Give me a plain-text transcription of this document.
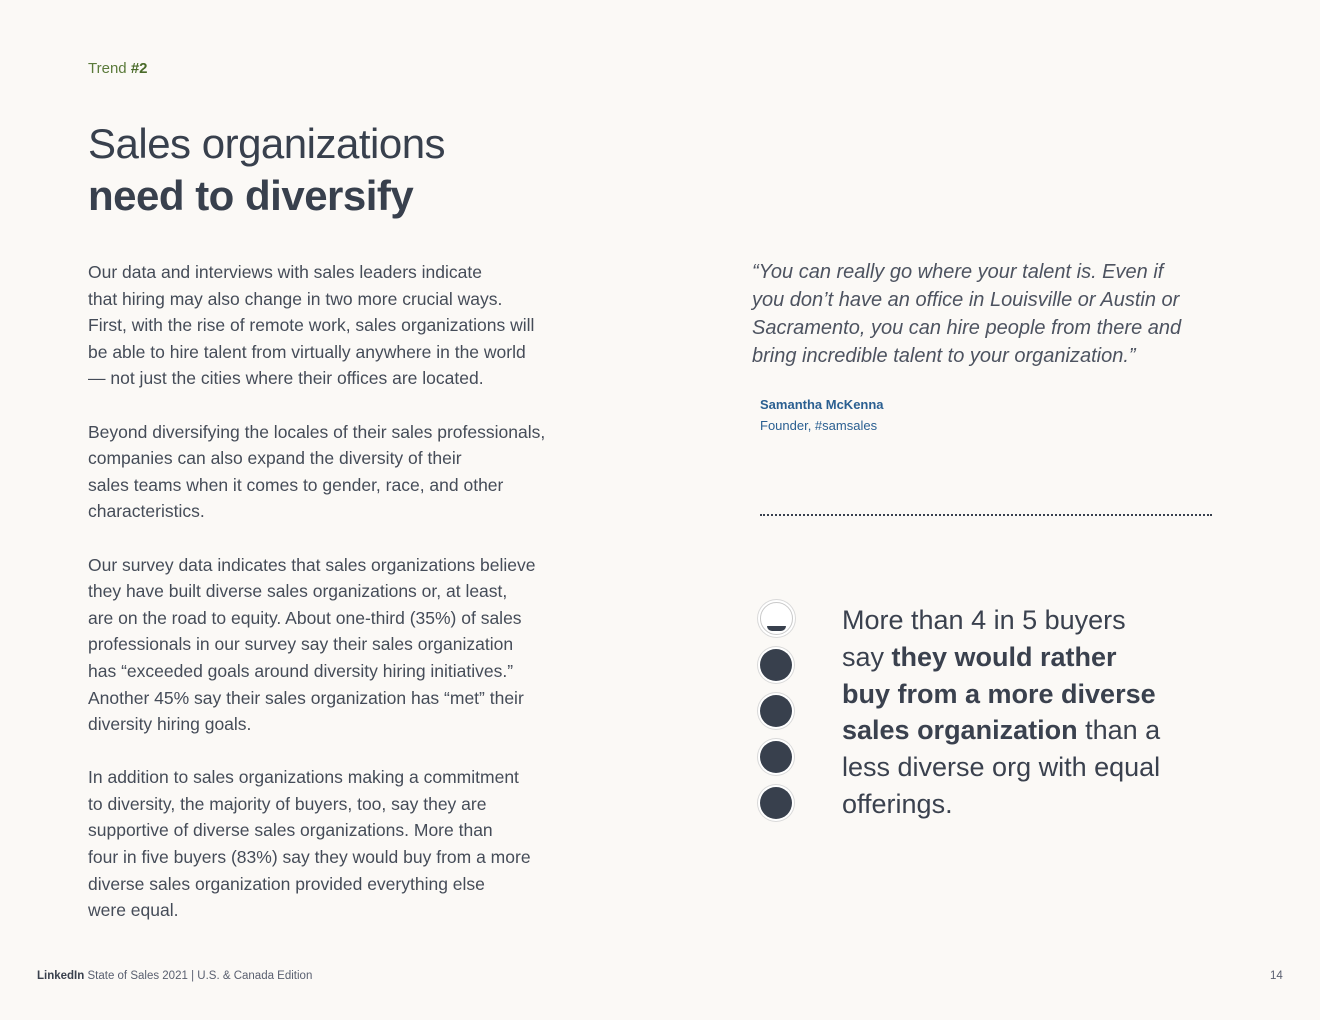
Trend #2
Sales organizations
need to diversify

Our data and interviews with sales leaders indicate
that hiring may also change in two more crucial ways.
First, with the rise of remote work, sales organizations will
be able to hire talent from virtually anywhere in the world
— not just the cities where their offices are located.

Beyond diversifying the locales of their sales professionals,
companies can also expand the diversity of their
sales teams when it comes to gender, race, and other
characteristics.

Our survey data indicates that sales organizations believe
they have built diverse sales organizations or, at least,
are on the road to equity. About one-third (35%) of sales
professionals in our survey say their sales organization
has “exceeded goals around diversity hiring initiatives.”
Another 45% say their sales organization has “met” their
diversity hiring goals.

In addition to sales organizations making a commitment
to diversity, the majority of buyers, too, say they are
supportive of diverse sales organizations. More than
four in five buyers (83%) say they would buy from a more
diverse sales organization provided everything else
were equal.

“You can really go where your talent is. Even if
you don’t have an office in Louisville or Austin or
Sacramento, you can hire people from there and
bring incredible talent to your organization.”
Samantha McKenna
Founder, #samsales
More than 4 in 5 buyers say they would rather buy from a more diverse sales organization than a less diverse org with equal offerings.
LinkedIn State of Sales 2021 | U.S. & Canada Edition	14
